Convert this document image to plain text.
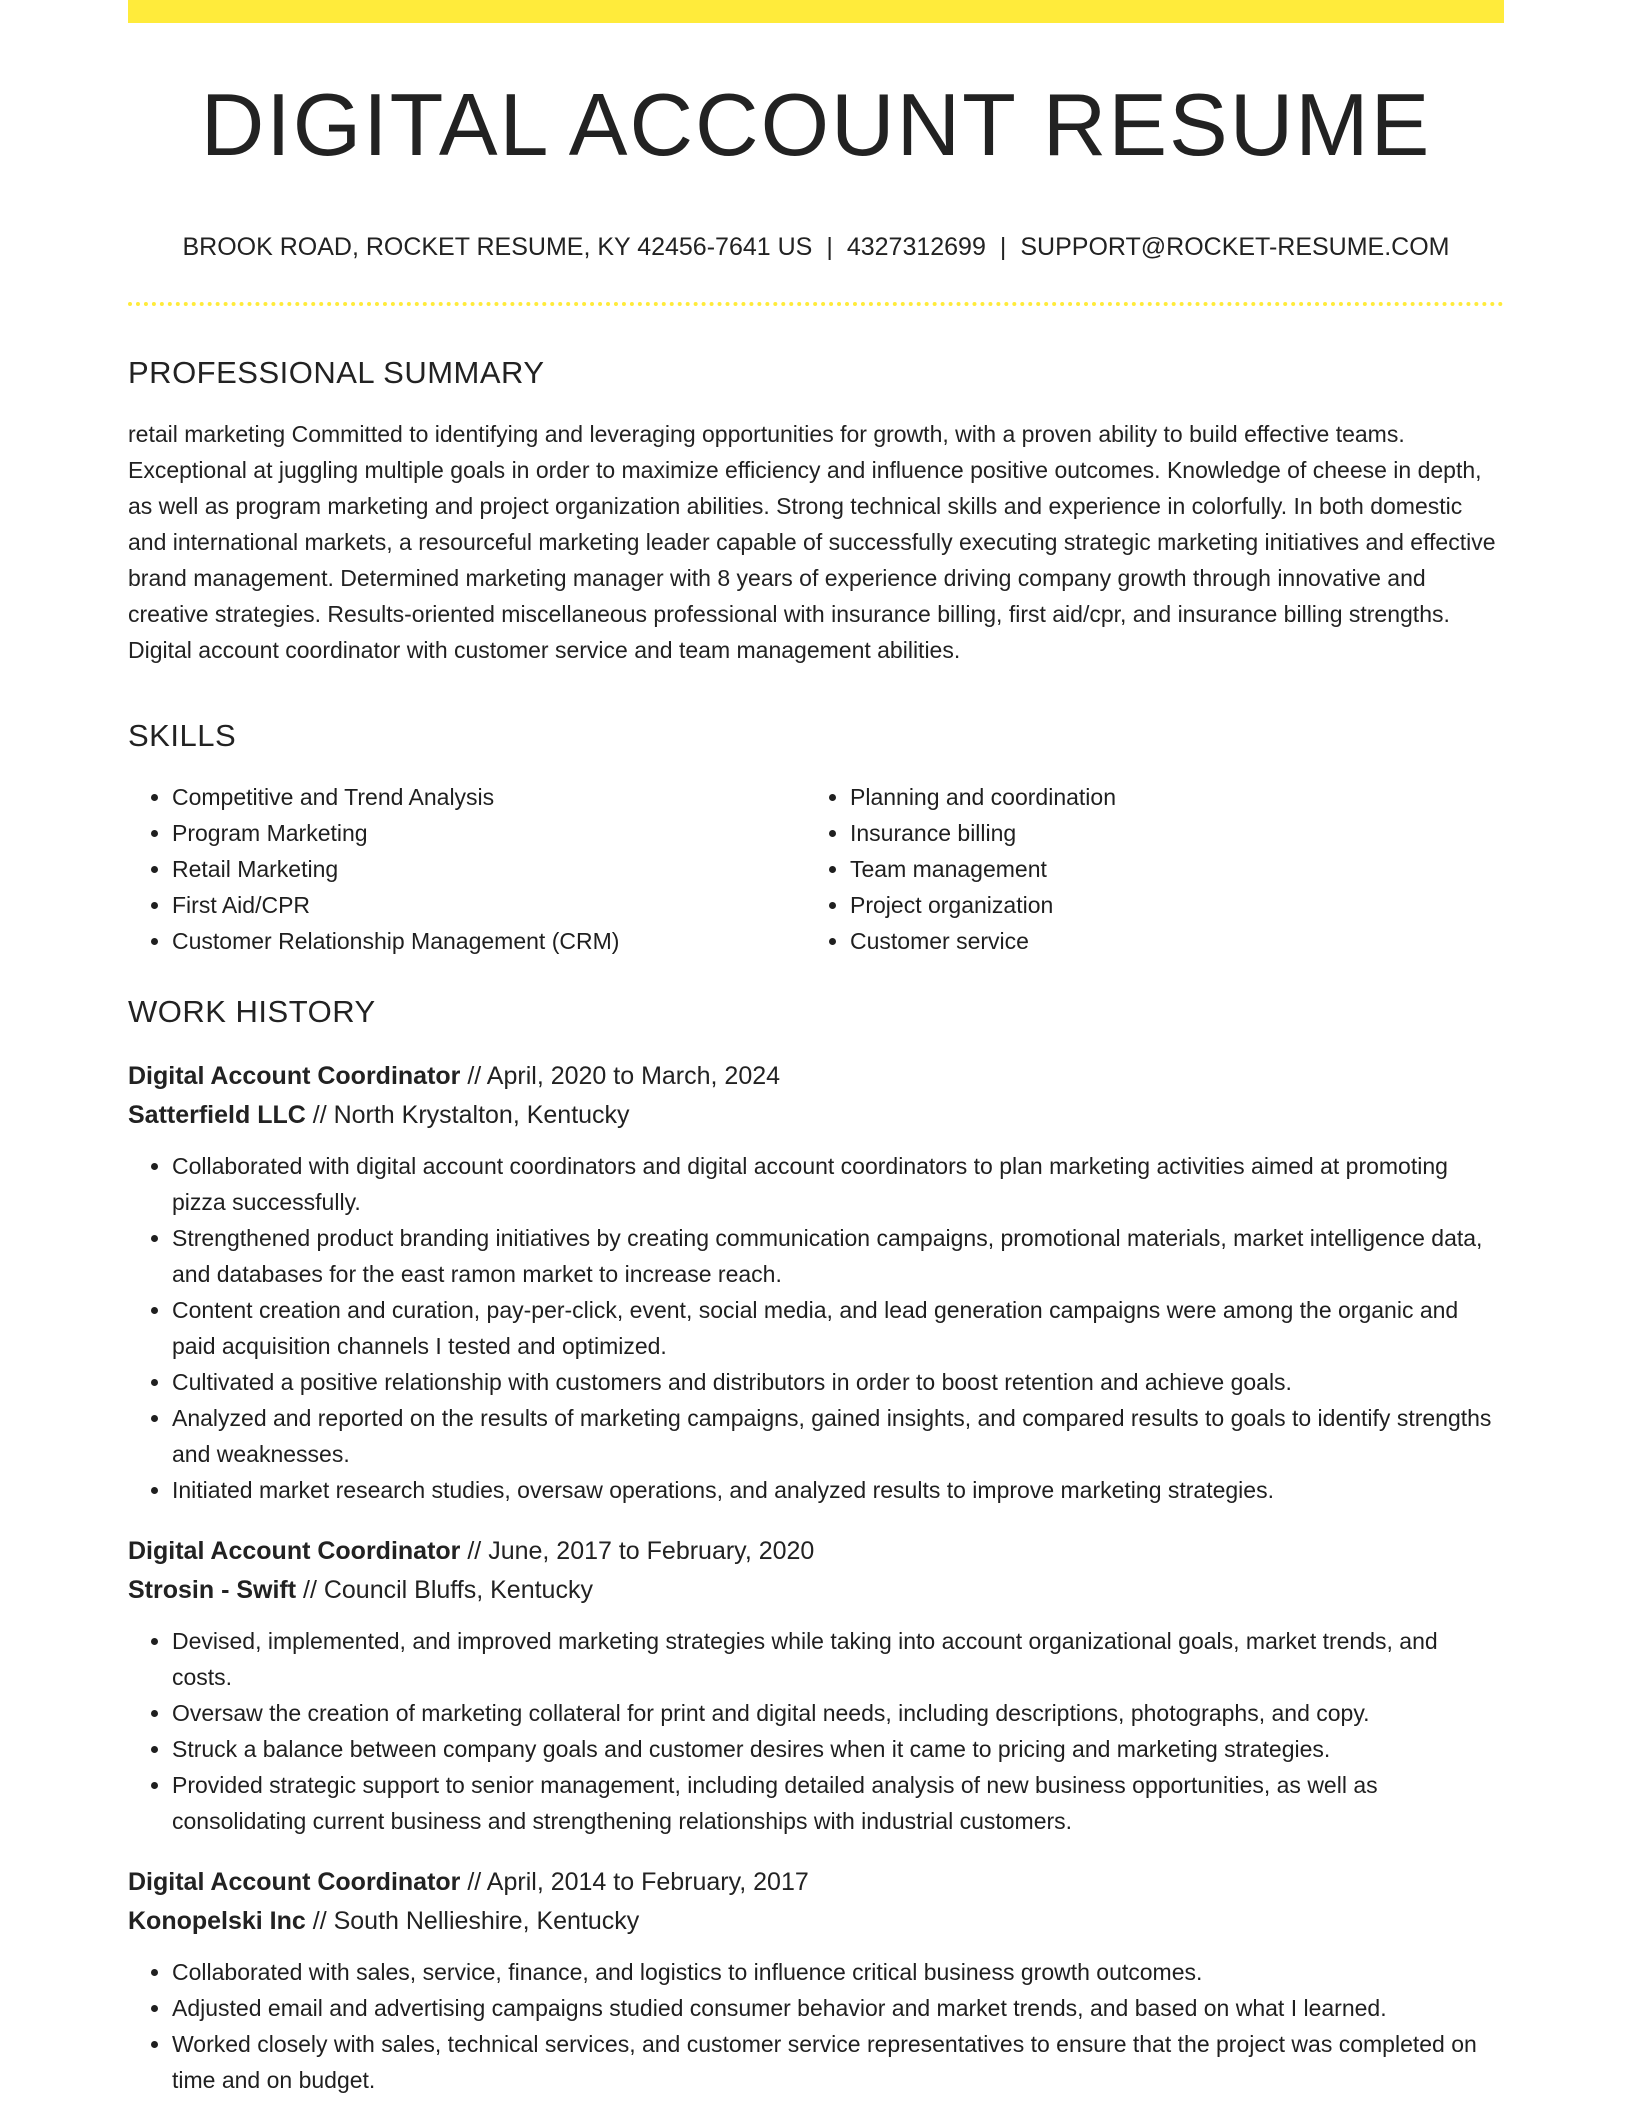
DIGITAL ACCOUNT RESUME
BROOK ROAD, ROCKET RESUME, KY 42456-7641 US | 4327312699 | SUPPORT@ROCKET-RESUME.COM
PROFESSIONAL SUMMARY

retail marketing Committed to identifying and leveraging opportunities for growth, with a proven ability to build effective teams. Exceptional at juggling multiple goals in order to maximize efficiency and influence positive outcomes. Knowledge of cheese in depth, as well as program marketing and project organization abilities. Strong technical skills and experience in colorfully. In both domestic and international markets, a resourceful marketing leader capable of successfully executing strategic marketing initiatives and effective brand management. Determined marketing manager with 8 years of experience driving company growth through innovative and creative strategies. Results-oriented miscellaneous professional with insurance billing, first aid/cpr, and insurance billing strengths. Digital account coordinator with customer service and team management abilities.

SKILLS
• Competitive and Trend Analysis
• Program Marketing
• Retail Marketing
• First Aid/CPR
• Customer Relationship Management (CRM)
• Planning and coordination
• Insurance billing
• Team management
• Project organization
• Customer service
WORK HISTORY
Digital Account Coordinator // April, 2020 to March, 2024
Satterfield LLC // North Krystalton, Kentucky
• Collaborated with digital account coordinators and digital account coordinators to plan marketing activities aimed at promoting pizza successfully.
• Strengthened product branding initiatives by creating communication campaigns, promotional materials, market intelligence data, and databases for the east ramon market to increase reach.
• Content creation and curation, pay-per-click, event, social media, and lead generation campaigns were among the organic and paid acquisition channels I tested and optimized.
• Cultivated a positive relationship with customers and distributors in order to boost retention and achieve goals.
• Analyzed and reported on the results of marketing campaigns, gained insights, and compared results to goals to identify strengths and weaknesses.
• Initiated market research studies, oversaw operations, and analyzed results to improve marketing strategies.
Digital Account Coordinator // June, 2017 to February, 2020
Strosin - Swift // Council Bluffs, Kentucky
• Devised, implemented, and improved marketing strategies while taking into account organizational goals, market trends, and costs.
• Oversaw the creation of marketing collateral for print and digital needs, including descriptions, photographs, and copy.
• Struck a balance between company goals and customer desires when it came to pricing and marketing strategies.
• Provided strategic support to senior management, including detailed analysis of new business opportunities, as well as consolidating current business and strengthening relationships with industrial customers.
Digital Account Coordinator // April, 2014 to February, 2017
Konopelski Inc // South Nellieshire, Kentucky
• Collaborated with sales, service, finance, and logistics to influence critical business growth outcomes.
• Adjusted email and advertising campaigns studied consumer behavior and market trends, and based on what I learned.
• Worked closely with sales, technical services, and customer service representatives to ensure that the project was completed on time and on budget.
